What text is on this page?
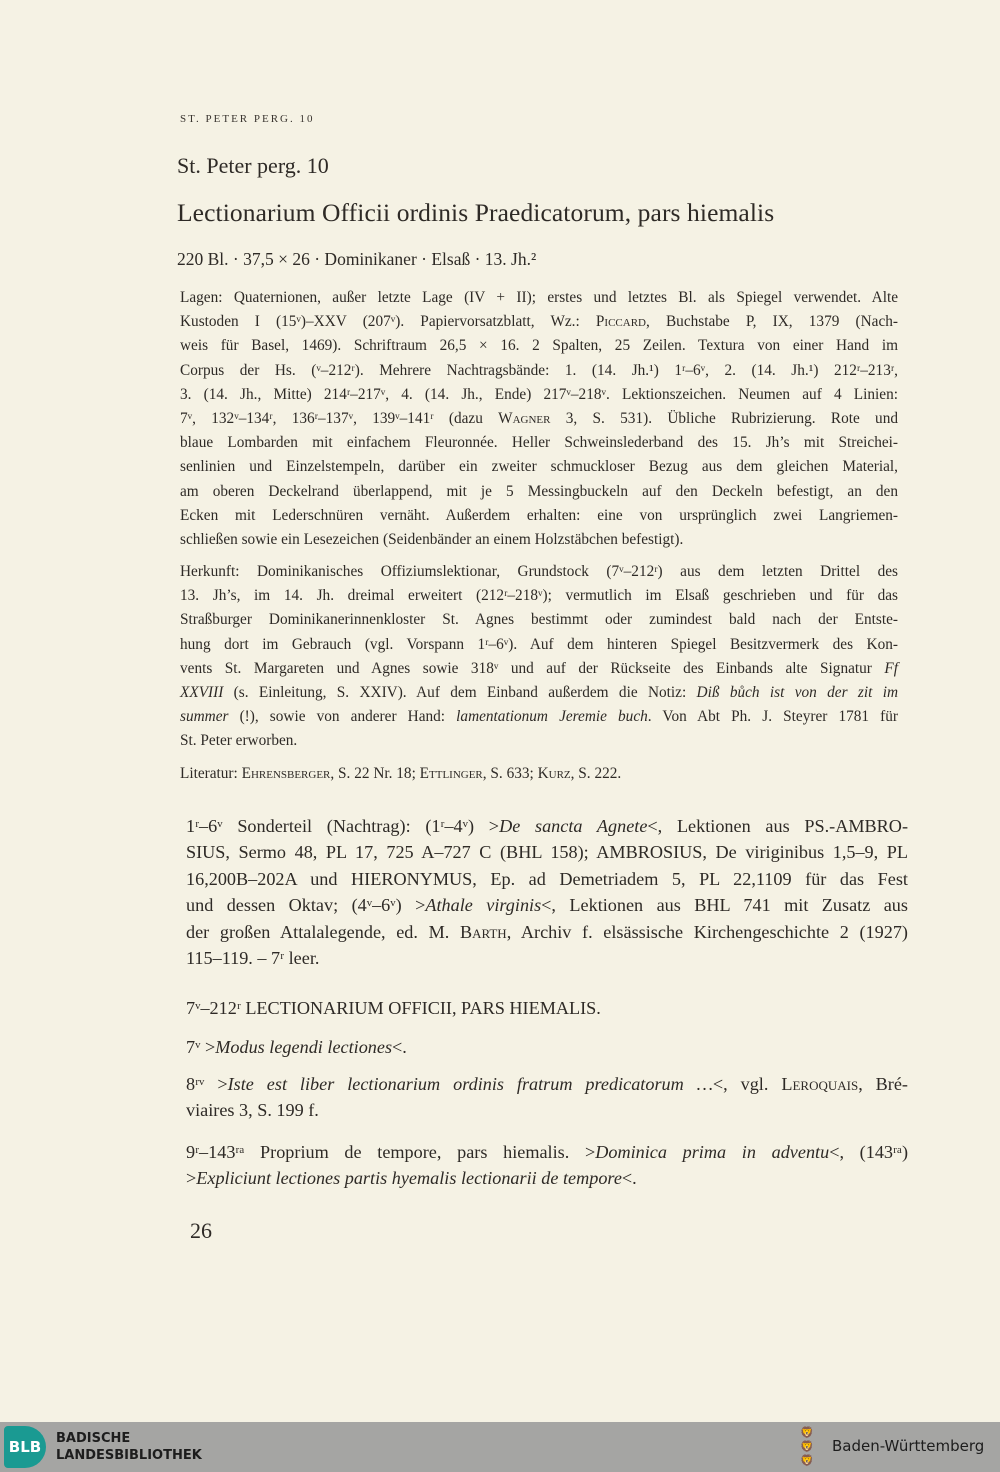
ST. PETER PERG. 10
St. Peter perg. 10
Lectionarium Officii ordinis Praedicatorum, pars hiemalis
220 Bl. · 37,5 × 26 · Dominikaner · Elsaß · 13. Jh.²
Lagen: Quaternionen, außer letzte Lage (IV + II); erstes und letztes Bl. als Spiegel verwendet. Alte
Kustoden I (15ᵛ)–XXV (207ᵛ). Papiervorsatzblatt, Wz.: Piccard, Buchstabe P, IX, 1379 (Nach-
weis für Basel, 1469). Schriftraum 26,5 × 16. 2 Spalten, 25 Zeilen. Textura von einer Hand im
Corpus der Hs. (ᵛ–212ʳ). Mehrere Nachtragsbände: 1. (14. Jh.¹) 1ʳ–6ᵛ, 2. (14. Jh.¹) 212ʳ–213ʳ,
3. (14. Jh., Mitte) 214ʳ–217ᵛ, 4. (14. Jh., Ende) 217ᵛ–218ᵛ. Lektionszeichen. Neumen auf 4 Linien:
7ᵛ, 132ᵛ–134ʳ, 136ʳ–137ᵛ, 139ᵛ–141ʳ (dazu Wagner 3, S. 531). Übliche Rubrizierung. Rote und
blaue Lombarden mit einfachem Fleuronnée. Heller Schweinslederband des 15. Jh’s mit Streichei-
senlinien und Einzelstempeln, darüber ein zweiter schmuckloser Bezug aus dem gleichen Material,
am oberen Deckelrand überlappend, mit je 5 Messingbuckeln auf den Deckeln befestigt, an den
Ecken mit Lederschnüren vernäht. Außerdem erhalten: eine von ursprünglich zwei Langriemen-
schließen sowie ein Lesezeichen (Seidenbänder an einem Holzstäbchen befestigt).
Herkunft: Dominikanisches Offiziumslektionar, Grundstock (7ᵛ–212ʳ) aus dem letzten Drittel des
13. Jh’s, im 14. Jh. dreimal erweitert (212ʳ–218ᵛ); vermutlich im Elsaß geschrieben und für das
Straßburger Dominikanerinnenkloster St. Agnes bestimmt oder zumindest bald nach der Entste-
hung dort im Gebrauch (vgl. Vorspann 1ʳ–6ᵛ). Auf dem hinteren Spiegel Besitzvermerk des Kon-
vents St. Margareten und Agnes sowie 318ᵛ und auf der Rückseite des Einbands alte Signatur Ff
XXVIII (s. Einleitung, S. XXIV). Auf dem Einband außerdem die Notiz: Diß bůch ist von der zit im
summer (!), sowie von anderer Hand: lamentationum Jeremie buch. Von Abt Ph. J. Steyrer 1781 für
St. Peter erworben.
Literatur: Ehrensberger, S. 22 Nr. 18; Ettlinger, S. 633; Kurz, S. 222.
1ʳ–6ᵛ Sonderteil (Nachtrag): (1ʳ–4ᵛ) >De sancta Agnete<, Lektionen aus PS.-AMBRO-
SIUS, Sermo 48, PL 17, 725 A–727 C (BHL 158); AMBROSIUS, De viriginibus 1,5–9, PL
16,200B–202A und HIERONYMUS, Ep. ad Demetriadem 5, PL 22,1109 für das Fest
und dessen Oktav; (4ᵛ–6ᵛ) >Athale virginis<, Lektionen aus BHL 741 mit Zusatz aus
der großen Attalalegende, ed. M. Barth, Archiv f. elsässische Kirchengeschichte 2 (1927)
115–119. – 7ʳ leer.
7ᵛ–212ʳ LECTIONARIUM OFFICII, PARS HIEMALIS.
7ᵛ >Modus legendi lectiones<.
8ʳᵛ >Iste est liber lectionarium ordinis fratrum predicatorum …<, vgl. Leroquais, Bré-
viaires 3, S. 199 f.
9ʳ–143ʳᵃ Proprium de tempore, pars hiemalis. >Dominica prima in adventu<, (143ʳᵃ)
>Expliciunt lectiones partis hyemalis lectionarii de tempore<.
26
BLB	BADISCHE
LANDESBIBLIOTHEK
🦁
🦁
🦁
Baden-Württemberg
